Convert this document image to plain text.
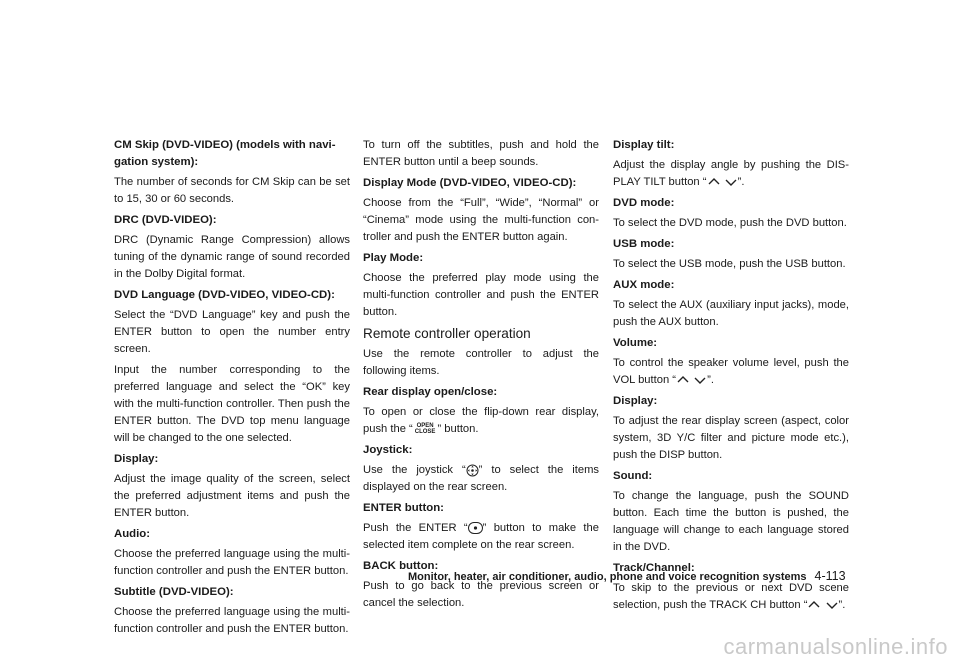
CM Skip (DVD-VIDEO) (models with navi-gation system):

The number of seconds for CM Skip can be set to 15, 30 or 60 seconds.

DRC (DVD-VIDEO):

DRC (Dynamic Range Compression) allows tuning of the dynamic range of sound recorded in the Dolby Digital format.

DVD Language (DVD-VIDEO, VIDEO-CD):

Select the “DVD Language” key and push the ENTER button to open the number entry screen.

Input the number corresponding to the preferred language and select the “OK” key with the multi-function controller. Then push the ENTER button. The DVD top menu language will be changed to the one selected.

Display:

Adjust the image quality of the screen, select the preferred adjustment items and push the ENTER button.

Audio:

Choose the preferred language using the multi-function controller and push the ENTER button.

Subtitle (DVD-VIDEO):

Choose the preferred language using the multi-function controller and push the ENTER button.

To turn off the subtitles, push and hold the ENTER button until a beep sounds.

Display Mode (DVD-VIDEO, VIDEO-CD):

Choose from the “Full”, “Wide”, “Normal” or “Cinema” mode using the multi-function con-troller and push the ENTER button again.

Play Mode:

Choose the preferred play mode using the multi-function controller and push the ENTER button.

Remote controller operation

Use the remote controller to adjust the following items.

Rear display open/close:

To open or close the flip-down rear display, push the “ OPEN
CLOSE ” button.

Joystick:

Use the joystick “ ” to select the items displayed on the rear screen.

ENTER button:

Push the ENTER “ ” button to make the selected item complete on the rear screen.

BACK button:

Push to go back to the previous screen or cancel the selection.

Display tilt:

Adjust the display angle by pushing the DIS-PLAY TILT button “
	”.

DVD mode:

To select the DVD mode, push the DVD button.

USB mode:

To select the USB mode, push the USB button.

AUX mode:

To select the AUX (auxiliary input jacks), mode, push the AUX button.

Volume:

To control the speaker volume level, push the VOL button “
	”.

Display:

To adjust the rear display screen (aspect, color system, 3D Y/C filter and picture mode etc.), push the DISP button.

Sound:

To change the language, push the SOUND button. Each time the button is pushed, the language will change to each language stored in the DVD.

Track/Channel:

To skip to the previous or next DVD scene selection, push the TRACK CH button “
	”.

Monitor, heater, air conditioner, audio, phone and voice recognition systems 4-113
carmanualsonline.info
